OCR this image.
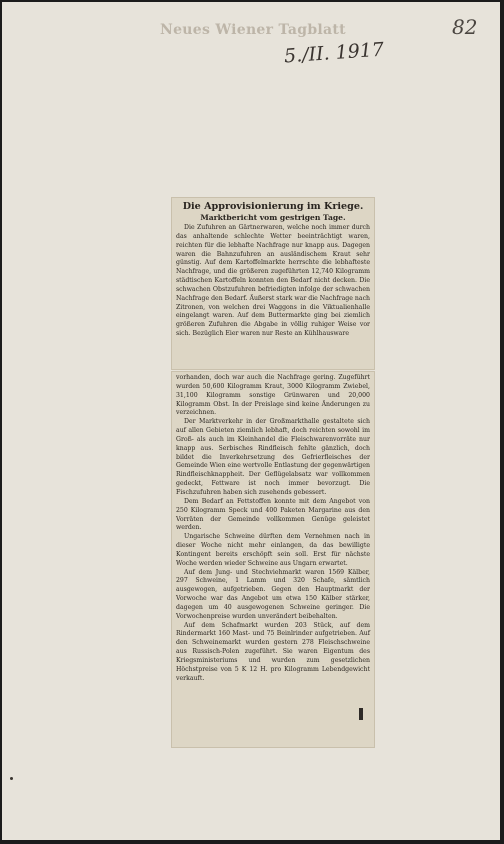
Neues Wiener Tagblatt
5./II. 1917
82
Die Approvisionierung im Kriege.
Marktbericht vom gestrigen Tage.

Die Zufuhren an Gärtnerwaren, welche noch immer durch das anhaltende schlechte Wetter beeinträchtigt waren, reichten für die lebhafte Nachfrage nur knapp aus. Dagegen waren die Bahnzufuhren an ausländischem Kraut sehr günstig. Auf dem Kartoffelmarkte herrschte die lebhafteste Nachfrage, und die größeren zugeführten 12,740 Kilogramm städtischen Kartoffeln konnten den Bedarf nicht decken. Die schwachen Obstzufuhren befriedigten infolge der schwachen Nachfrage den Bedarf. Äußerst stark war die Nachfrage nach Zitronen, von welchen drei Waggons in die Viktualienhalle eingelangt waren. Auf dem Buttermarkte ging bei ziemlich größeren Zufuhren die Abgabe in völlig ruhiger Weise vor sich. Bezüglich Eier waren nur Reste an Kühlhausware

vorhanden, doch war auch die Nachfrage gering. Zugeführt wurden 50,600 Kilogramm Kraut, 3000 Kilogramm Zwiebel, 31,100 Kilogramm sonstige Grünwaren und 20,000 Kilogramm Obst. In der Preislage sind keine Änderungen zu verzeichnen.

Der Marktverkehr in der Großmarkthalle gestaltete sich auf allen Gebieten ziemlich lebhaft, doch reichten sowohl im Groß- als auch im Kleinhandel die Fleischwarenvorräte nur knapp aus. Serbisches Rindfleisch fehlte gänzlich, doch bildet die Inverkehrsetzung des Gefrierfleisches der Gemeinde Wien eine wertvolle Entlastung der gegenwärtigen Rindfleischknappheit. Der Geflügelabsatz war vollkommen gedeckt, Fettware ist noch immer bevorzugt. Die Fischzufuhren haben sich zusehends gebessert.

Dem Bedarf an Fettstoffen konnte mit dem Angebot von 250 Kilogramm Speck und 400 Paketen Margarine aus den Vorräten der Gemeinde vollkommen Genüge geleistet werden.

Ungarische Schweine dürften dem Vernehmen nach in dieser Woche nicht mehr einlangen, da das bewilligte Kontingent bereits erschöpft sein soll. Erst für nächste Woche werden wieder Schweine aus Ungarn erwartet.

Auf dem Jung- und Stechviehmarkt waren 1569 Kälber, 297 Schweine, 1 Lamm und 320 Schafe, sämtlich ausgewogen, aufgetrieben. Gegen den Hauptmarkt der Vorwoche war das Angebot um etwa 150 Kälber stärker, dagegen um 40 ausgewogenen Schweine geringer. Die Vorwochenpreise wurden unverändert beibehalten.

Auf dem Schafmarkt wurden 203 Stück, auf dem Rindermarkt 160 Mast- und 75 Beinlrinder aufgetrieben. Auf den Schweinemarkt wurden gestern 278 Fleischschweine aus Russisch-Polen zugeführt. Sie waren Eigentum des Kriegsministeriums und wurden zum gesetzlichen Höchstpreise von 5 K 12 H. pro Kilogramm Lebendgewicht verkauft.
